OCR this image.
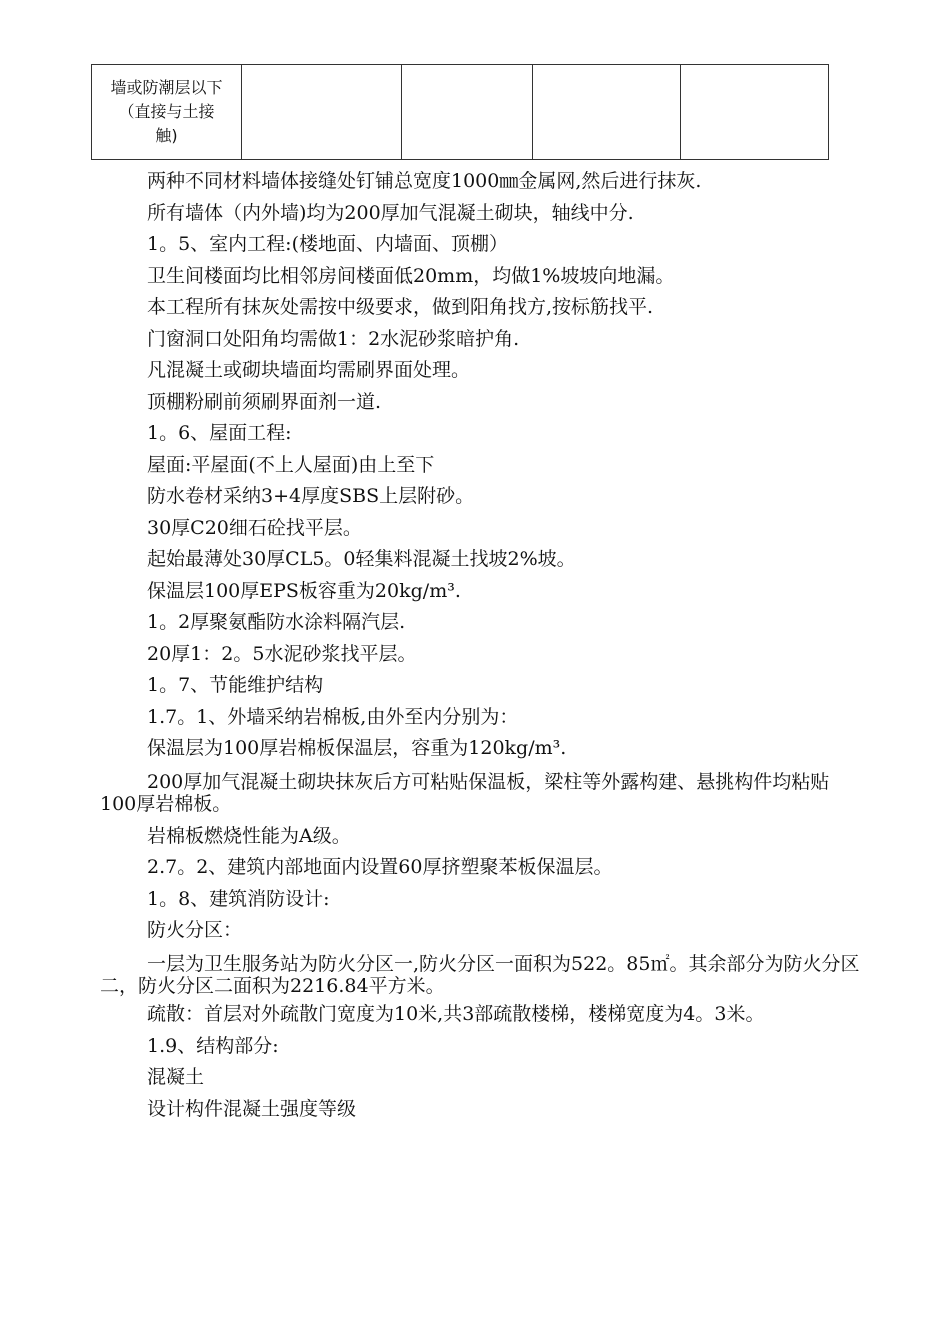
墙或防潮层以下
（直接与土接
触)				

两种不同材料墙体接缝处钉铺总宽度1000㎜金属网,然后进行抹灰.

所有墙体（内外墙)均为200厚加气混凝土砌块，轴线中分.

1。5、室内工程:(楼地面、内墙面、顶棚）

卫生间楼面均比相邻房间楼面低20mm，均做1%坡坡向地漏。

本工程所有抹灰处需按中级要求，做到阳角找方,按标筋找平.

门窗洞口处阳角均需做1：2水泥砂浆暗护角.

凡混凝土或砌块墙面均需刷界面处理。

顶棚粉刷前须刷界面剂一道.

1。6、屋面工程:

屋面:平屋面(不上人屋面)由上至下

防水卷材采纳3+4厚度SBS上层附砂。

30厚C20细石砼找平层。

起始最薄处30厚CL5。0轻集料混凝土找坡2%坡。

保温层100厚EPS板容重为20kg/m³.

1。2厚聚氨酯防水涂料隔汽层.

20厚1：2。5水泥砂浆找平层。

1。7、节能维护结构

1.7。1、外墙采纳岩棉板,由外至内分别为：

保温层为100厚岩棉板保温层，容重为120kg/m³.

200厚加气混凝土砌块抹灰后方可粘贴保温板，梁柱等外露构建、悬挑构件均粘贴100厚岩棉板。

岩棉板燃烧性能为A级。

2.7。2、建筑内部地面内设置60厚挤塑聚苯板保温层。

1。8、建筑消防设计:

防火分区：

一层为卫生服务站为防火分区一,防火分区一面积为522。85㎡。其余部分为防火分区二，防火分区二面积为2216.84平方米。

疏散：首层对外疏散门宽度为10米,共3部疏散楼梯，楼梯宽度为4。3米。

1.9、结构部分:

混凝土

设计构件混凝土强度等级
